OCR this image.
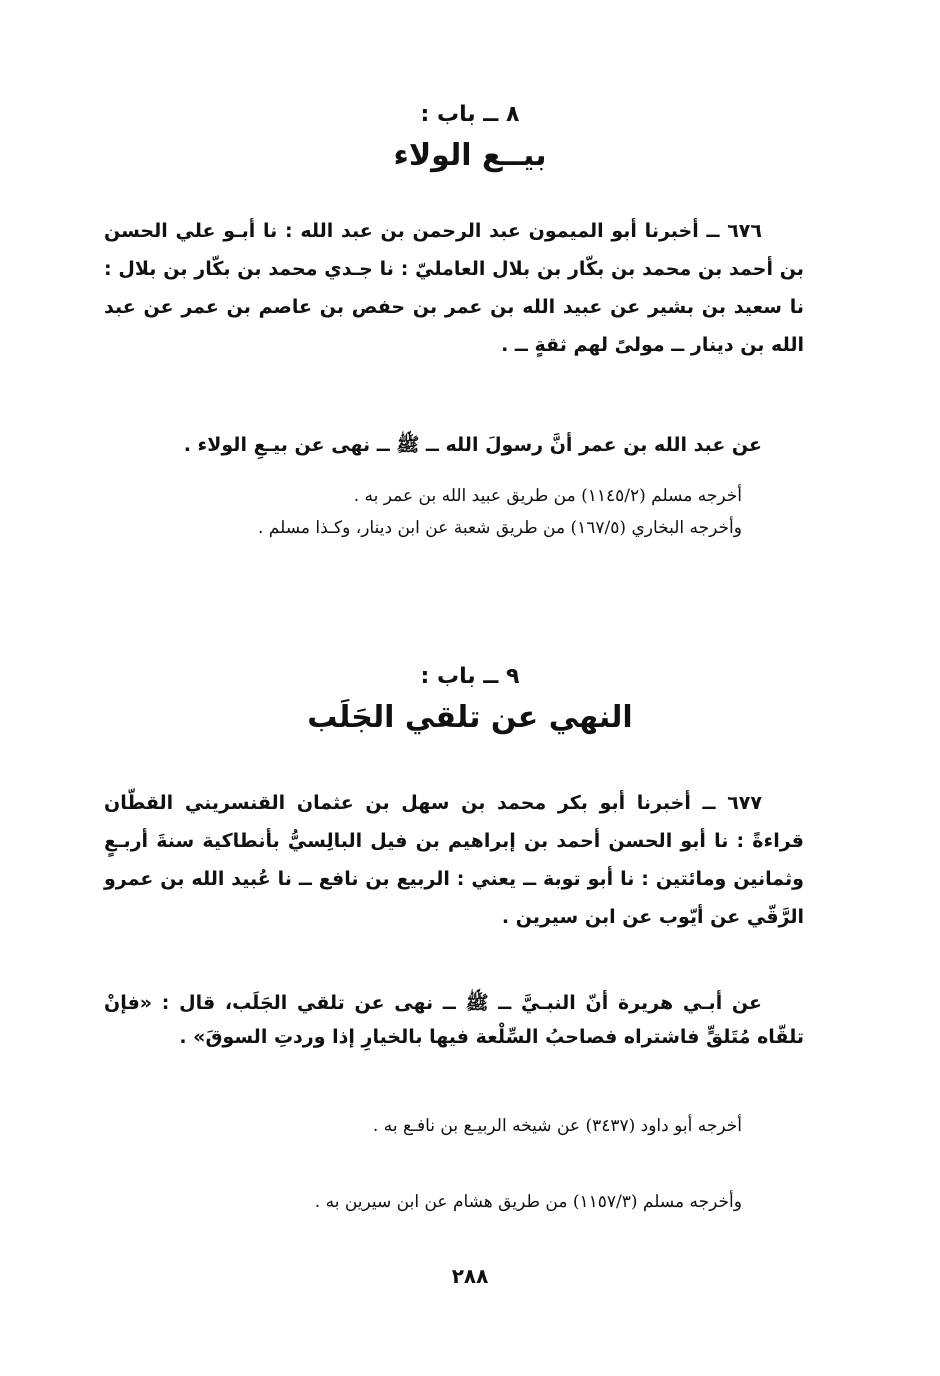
٨ ــ باب :
بيــع الولاء

٦٧٦ ــ أخبرنا أبو الميمون عبد الرحمن بن عبد الله : نا أبـو علي الحسن بن أحمد بن محمد بن بكّار بن بلال العامليّ : نا جـدي محمد بن بكّار بن بلال : نا سعيد بن بشير عن عبيد الله بن عمر بن حفص بن عاصم بن عمر عن عبد الله بن دينار ــ مولىً لهم ثقةٍ ــ .

عن عبد الله بن عمر أنَّ رسولَ الله ــ ﷺ ــ نهى عن بيـعِ الولاء .

أخرجه مسلم (١١٤٥/٢) من طريق عبيد الله بن عمر به .

وأخرجه البخاري (١٦٧/٥) من طريق شعبة عن ابن دينار، وكـذا مسلم .

٩ ــ باب :
النهي عن تلقي الجَلَب

٦٧٧ ــ أخبرنا أبو بكر محمد بن سهل بن عثمان القنسريني القطّان قراءةً : نا أبو الحسن أحمد بن إبراهيم بن فيل البالِسيُّ بأنطاكية سنةَ أربـعٍ وثمانين ومائتين : نا أبو توبة ــ يعني : الربيع بن نافع ــ نا عُبيد الله بن عمرو الرَّقّي عن أيّوب عن ابن سيرين .

عن أبـي هريرة أنّ النبـيَّ ــ ﷺ ــ نهى عن تلقي الجَلَب، قال : «فإنْ تلقّاه مُتَلقٍّ فاشتراه فصاحبُ السِّلْعة فيها بالخيارِ إذا وردتِ السوقَ» .

أخرجه أبو داود (٣٤٣٧) عن شيخه الربيـع بن نافـع به .

وأخرجه مسلم (١١٥٧/٣) من طريق هشام عن ابن سيرين به .

٢٨٨
